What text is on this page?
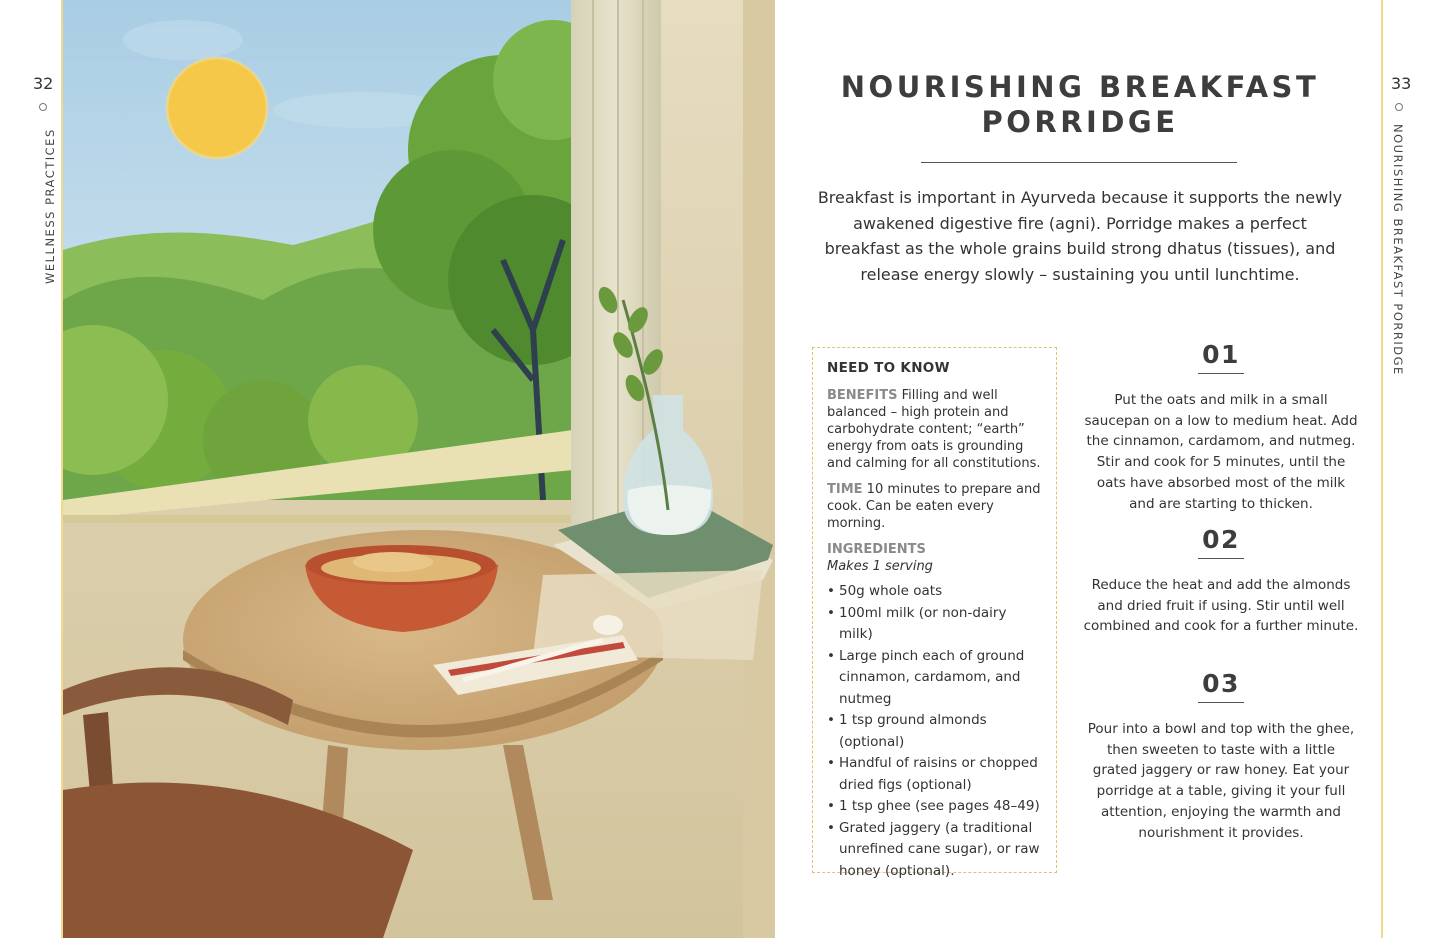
32
WELLNESS PRACTICES
33
NOURISHING BREAKFAST PORRIDGE
NOURISHING BREAKFAST
PORRIDGE
Breakfast is important in Ayurveda because it supports the newly awakened digestive fire (agni). Porridge makes a perfect breakfast as the whole grains build strong dhatus (tissues), and release energy slowly – sustaining you until lunchtime.
NEED TO KNOW

BENEFITS Filling and well balanced – high protein and carbohydrate content; “earth” energy from oats is grounding and calming for all constitutions.

TIME 10 minutes to prepare and cook. Can be eaten every morning.

INGREDIENTS
Makes 1 serving

• 50g whole oats
• 100ml milk (or non-dairy milk)
• Large pinch each of ground cinnamon, cardamom, and nutmeg
• 1 tsp ground almonds (optional)
• Handful of raisins or chopped dried figs (optional)
• 1 tsp ghee (see pages 48–49)
• Grated jaggery (a traditional unrefined cane sugar), or raw honey (optional).
01
Put the oats and milk in a small saucepan on a low to medium heat. Add the cinnamon, cardamom, and nutmeg. Stir and cook for 5 minutes, until the oats have absorbed most of the milk and are starting to thicken.
02
Reduce the heat and add the almonds and dried fruit if using. Stir until well combined and cook for a further minute.
03
Pour into a bowl and top with the ghee, then sweeten to taste with a little grated jaggery or raw honey. Eat your porridge at a table, giving it your full attention, enjoying the warmth and nourishment it provides.
